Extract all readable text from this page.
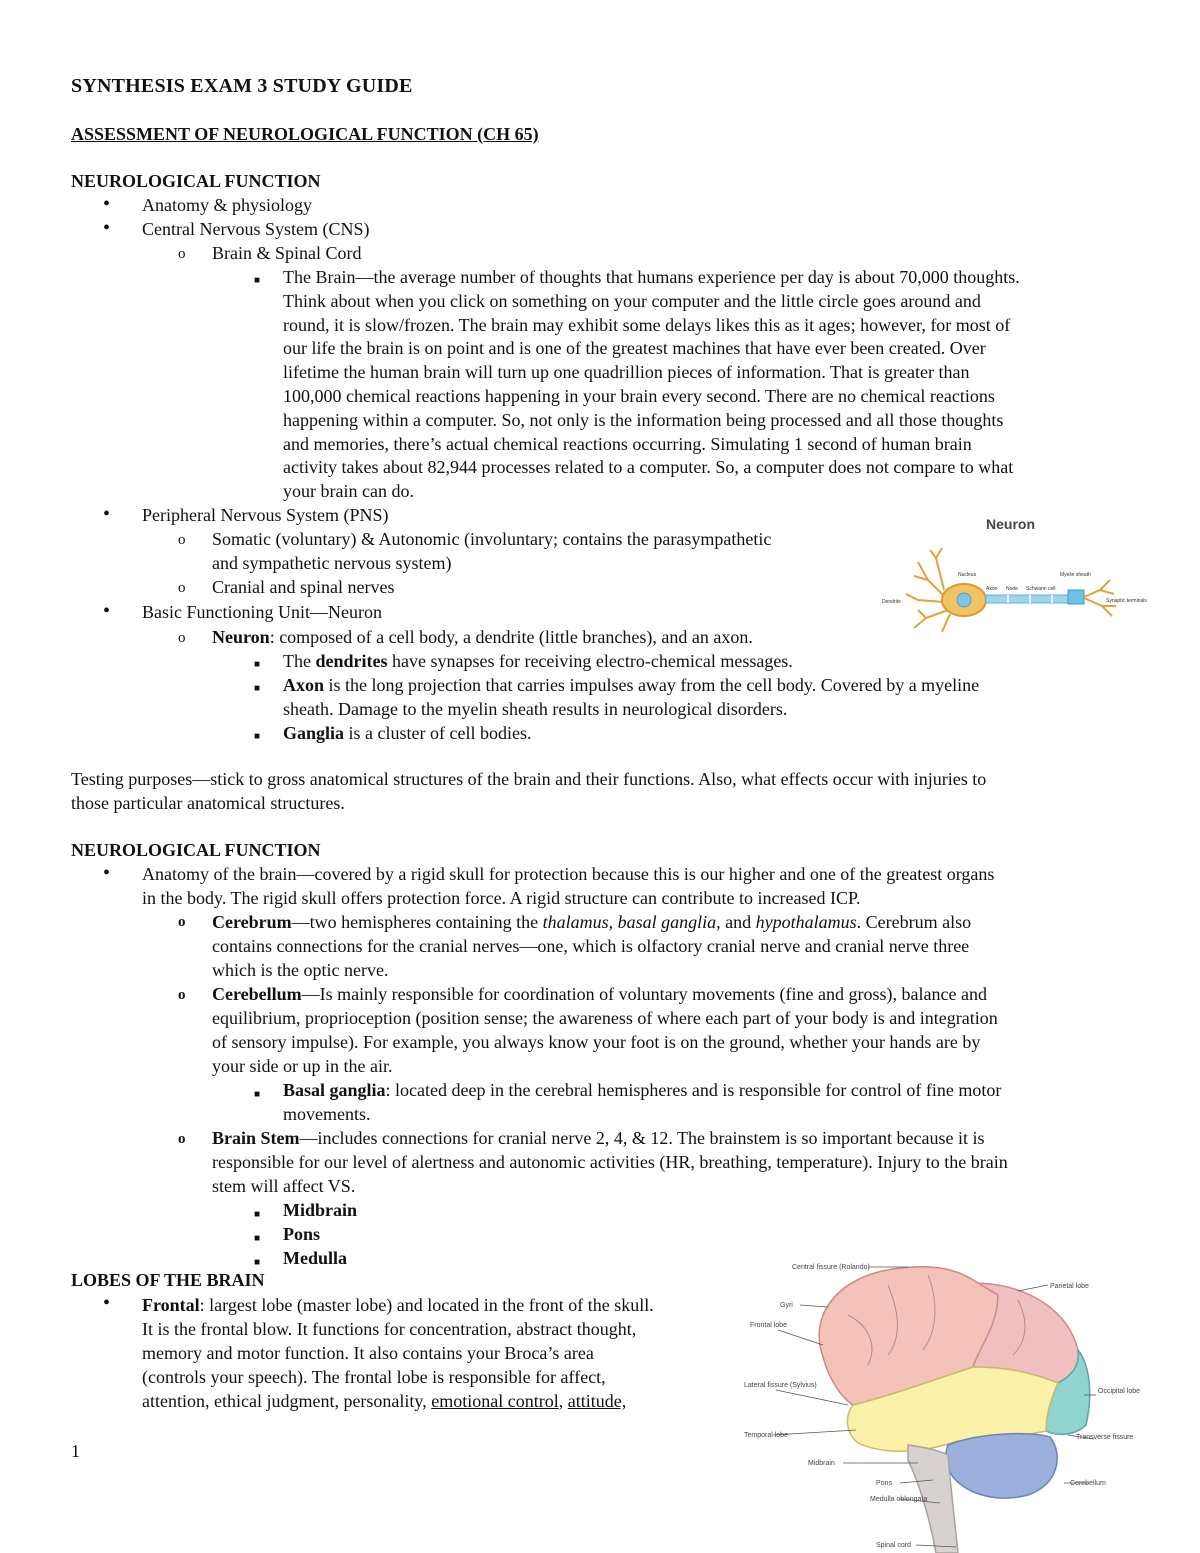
SYNTHESIS EXAM 3 STUDY GUIDE
ASSESSMENT OF NEUROLOGICAL FUNCTION (CH 65)
NEUROLOGICAL FUNCTION
• Anatomy & physiology
• Central Nervous System (CNS)
o Brain & Spinal Cord
■ The Brain—the average number of thoughts that humans experience per day is about 70,000 thoughts.
Think about when you click on something on your computer and the little circle goes around and
round, it is slow/frozen. The brain may exhibit some delays likes this as it ages; however, for most of
our life the brain is on point and is one of the greatest machines that have ever been created. Over
lifetime the human brain will turn up one quadrillion pieces of information. That is greater than
100,000 chemical reactions happening in your brain every second. There are no chemical reactions
happening within a computer. So, not only is the information being processed and all those thoughts
and memories, there’s actual chemical reactions occurring. Simulating 1 second of human brain
activity takes about 82,944 processes related to a computer. So, a computer does not compare to what
your brain can do.
• Peripheral Nervous System (PNS)
o Somatic (voluntary) & Autonomic (involuntary; contains the parasympathetic
and sympathetic nervous system)
o Cranial and spinal nerves
• Basic Functioning Unit—Neuron
o Neuron: composed of a cell body, a dendrite (little branches), and an axon.
■ The dendrites have synapses for receiving electro-chemical messages.
■ Axon is the long projection that carries impulses away from the cell body. Covered by a myeline
sheath. Damage to the myelin sheath results in neurological disorders.
■ Ganglia is a cluster of cell bodies.
Testing purposes—stick to gross anatomical structures of the brain and their functions. Also, what effects occur with injuries to
those particular anatomical structures.
NEUROLOGICAL FUNCTION
• Anatomy of the brain—covered by a rigid skull for protection because this is our higher and one of the greatest organs
in the body. The rigid skull offers protection force. A rigid structure can contribute to increased ICP.
o Cerebrum—two hemispheres containing the thalamus, basal ganglia, and hypothalamus. Cerebrum also
contains connections for the cranial nerves—one, which is olfactory cranial nerve and cranial nerve three
which is the optic nerve.
o Cerebellum—Is mainly responsible for coordination of voluntary movements (fine and gross), balance and
equilibrium, proprioception (position sense; the awareness of where each part of your body is and integration
of sensory impulse). For example, you always know your foot is on the ground, whether your hands are by
your side or up in the air.
■ Basal ganglia: located deep in the cerebral hemispheres and is responsible for control of fine motor
movements.
o Brain Stem—includes connections for cranial nerve 2, 4, & 12. The brainstem is so important because it is
responsible for our level of alertness and autonomic activities (HR, breathing, temperature). Injury to the brain
stem will affect VS.
■ Midbrain
■ Pons
■ Medulla
LOBES OF THE BRAIN
• Frontal: largest lobe (master lobe) and located in the front of the skull.
It is the frontal blow. It functions for concentration, abstract thought,
memory and motor function. It also contains your Broca’s area
(controls your speech). The frontal lobe is responsible for affect,
attention, ethical judgment, personality, emotional control, attitude,
1
Neuron
Dendrite
Nucleus
Axon Node Schwann cell
Myelin sheath
Synaptic terminals
Central fissure (Rolando)
Parietal lobe
Gyri
Frontal lobe
Lateral fissure (Sylvius)
Occipital lobe
Temporal lobe	Transverse fissure
Midbrain
Cerebellum
Pons
Medulla oblongata
Spinal cord
